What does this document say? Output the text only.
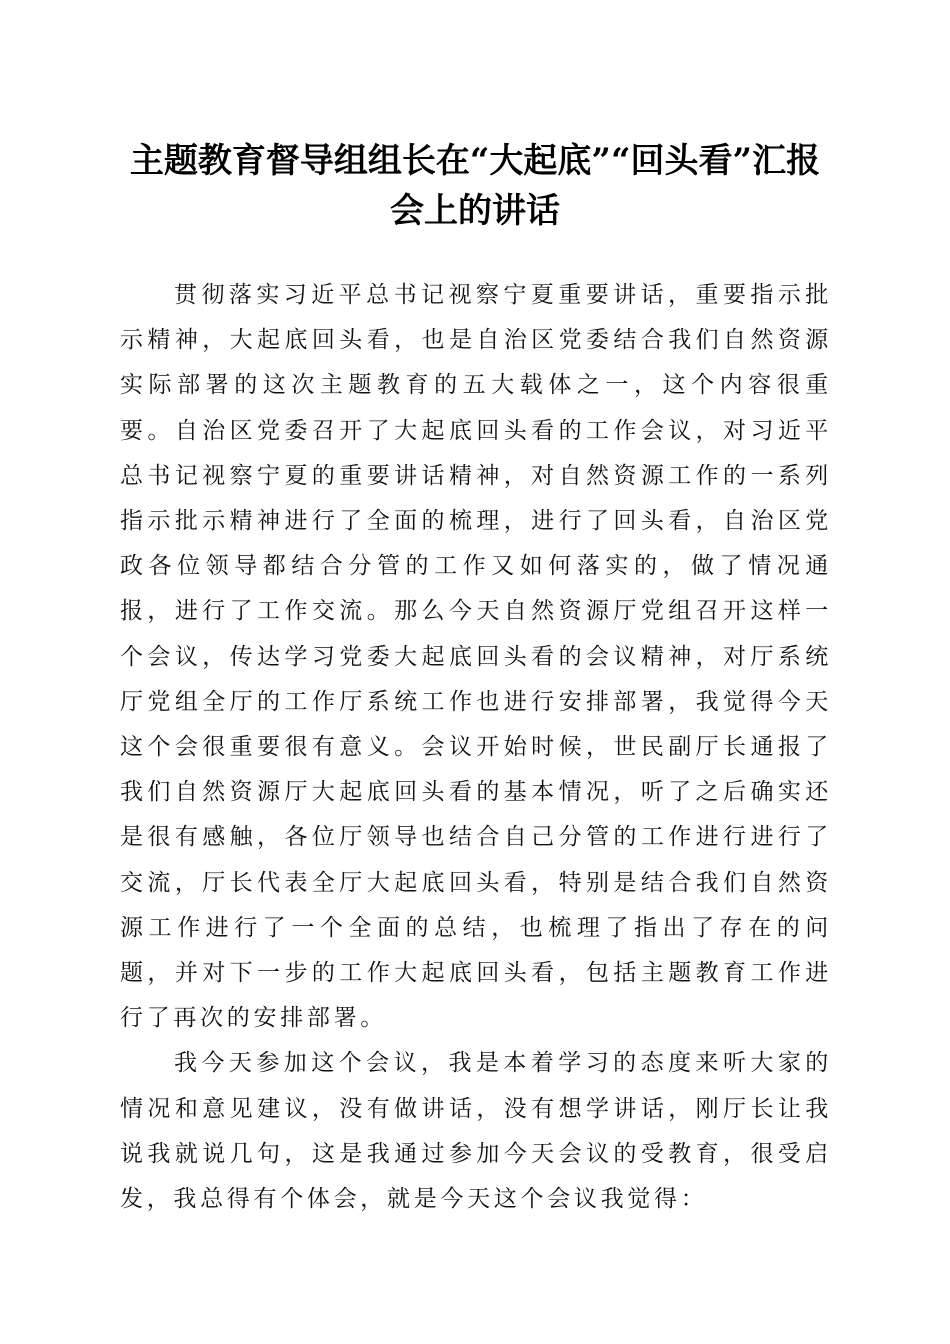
主题教育督导组组长在“大起底”“回头看”汇报会上的讲话

贯彻落实习近平总书记视察宁夏重要讲话，重要指示批示精神，大起底回头看，也是自治区党委结合我们自然资源实际部署的这次主题教育的五大载体之一，这个内容很重要。自治区党委召开了大起底回头看的工作会议，对习近平总书记视察宁夏的重要讲话精神，对自然资源工作的一系列指示批示精神进行了全面的梳理，进行了回头看，自治区党政各位领导都结合分管的工作又如何落实的，做了情况通报，进行了工作交流。那么今天自然资源厅党组召开这样一个会议，传达学习党委大起底回头看的会议精神，对厅系统厅党组全厅的工作厅系统工作也进行安排部署，我觉得今天这个会很重要很有意义。会议开始时候，世民副厅长通报了我们自然资源厅大起底回头看的基本情况，听了之后确实还是很有感触，各位厅领导也结合自己分管的工作进行进行了交流，厅长代表全厅大起底回头看，特别是结合我们自然资源工作进行了一个全面的总结，也梳理了指出了存在的问题，并对下一步的工作大起底回头看，包括主题教育工作进行了再次的安排部署。

我今天参加这个会议，我是本着学习的态度来听大家的情况和意见建议，没有做讲话，没有想学讲话，刚厅长让我说我就说几句，这是我通过参加今天会议的受教育，很受启发，我总得有个体会，就是今天这个会议我觉得：
